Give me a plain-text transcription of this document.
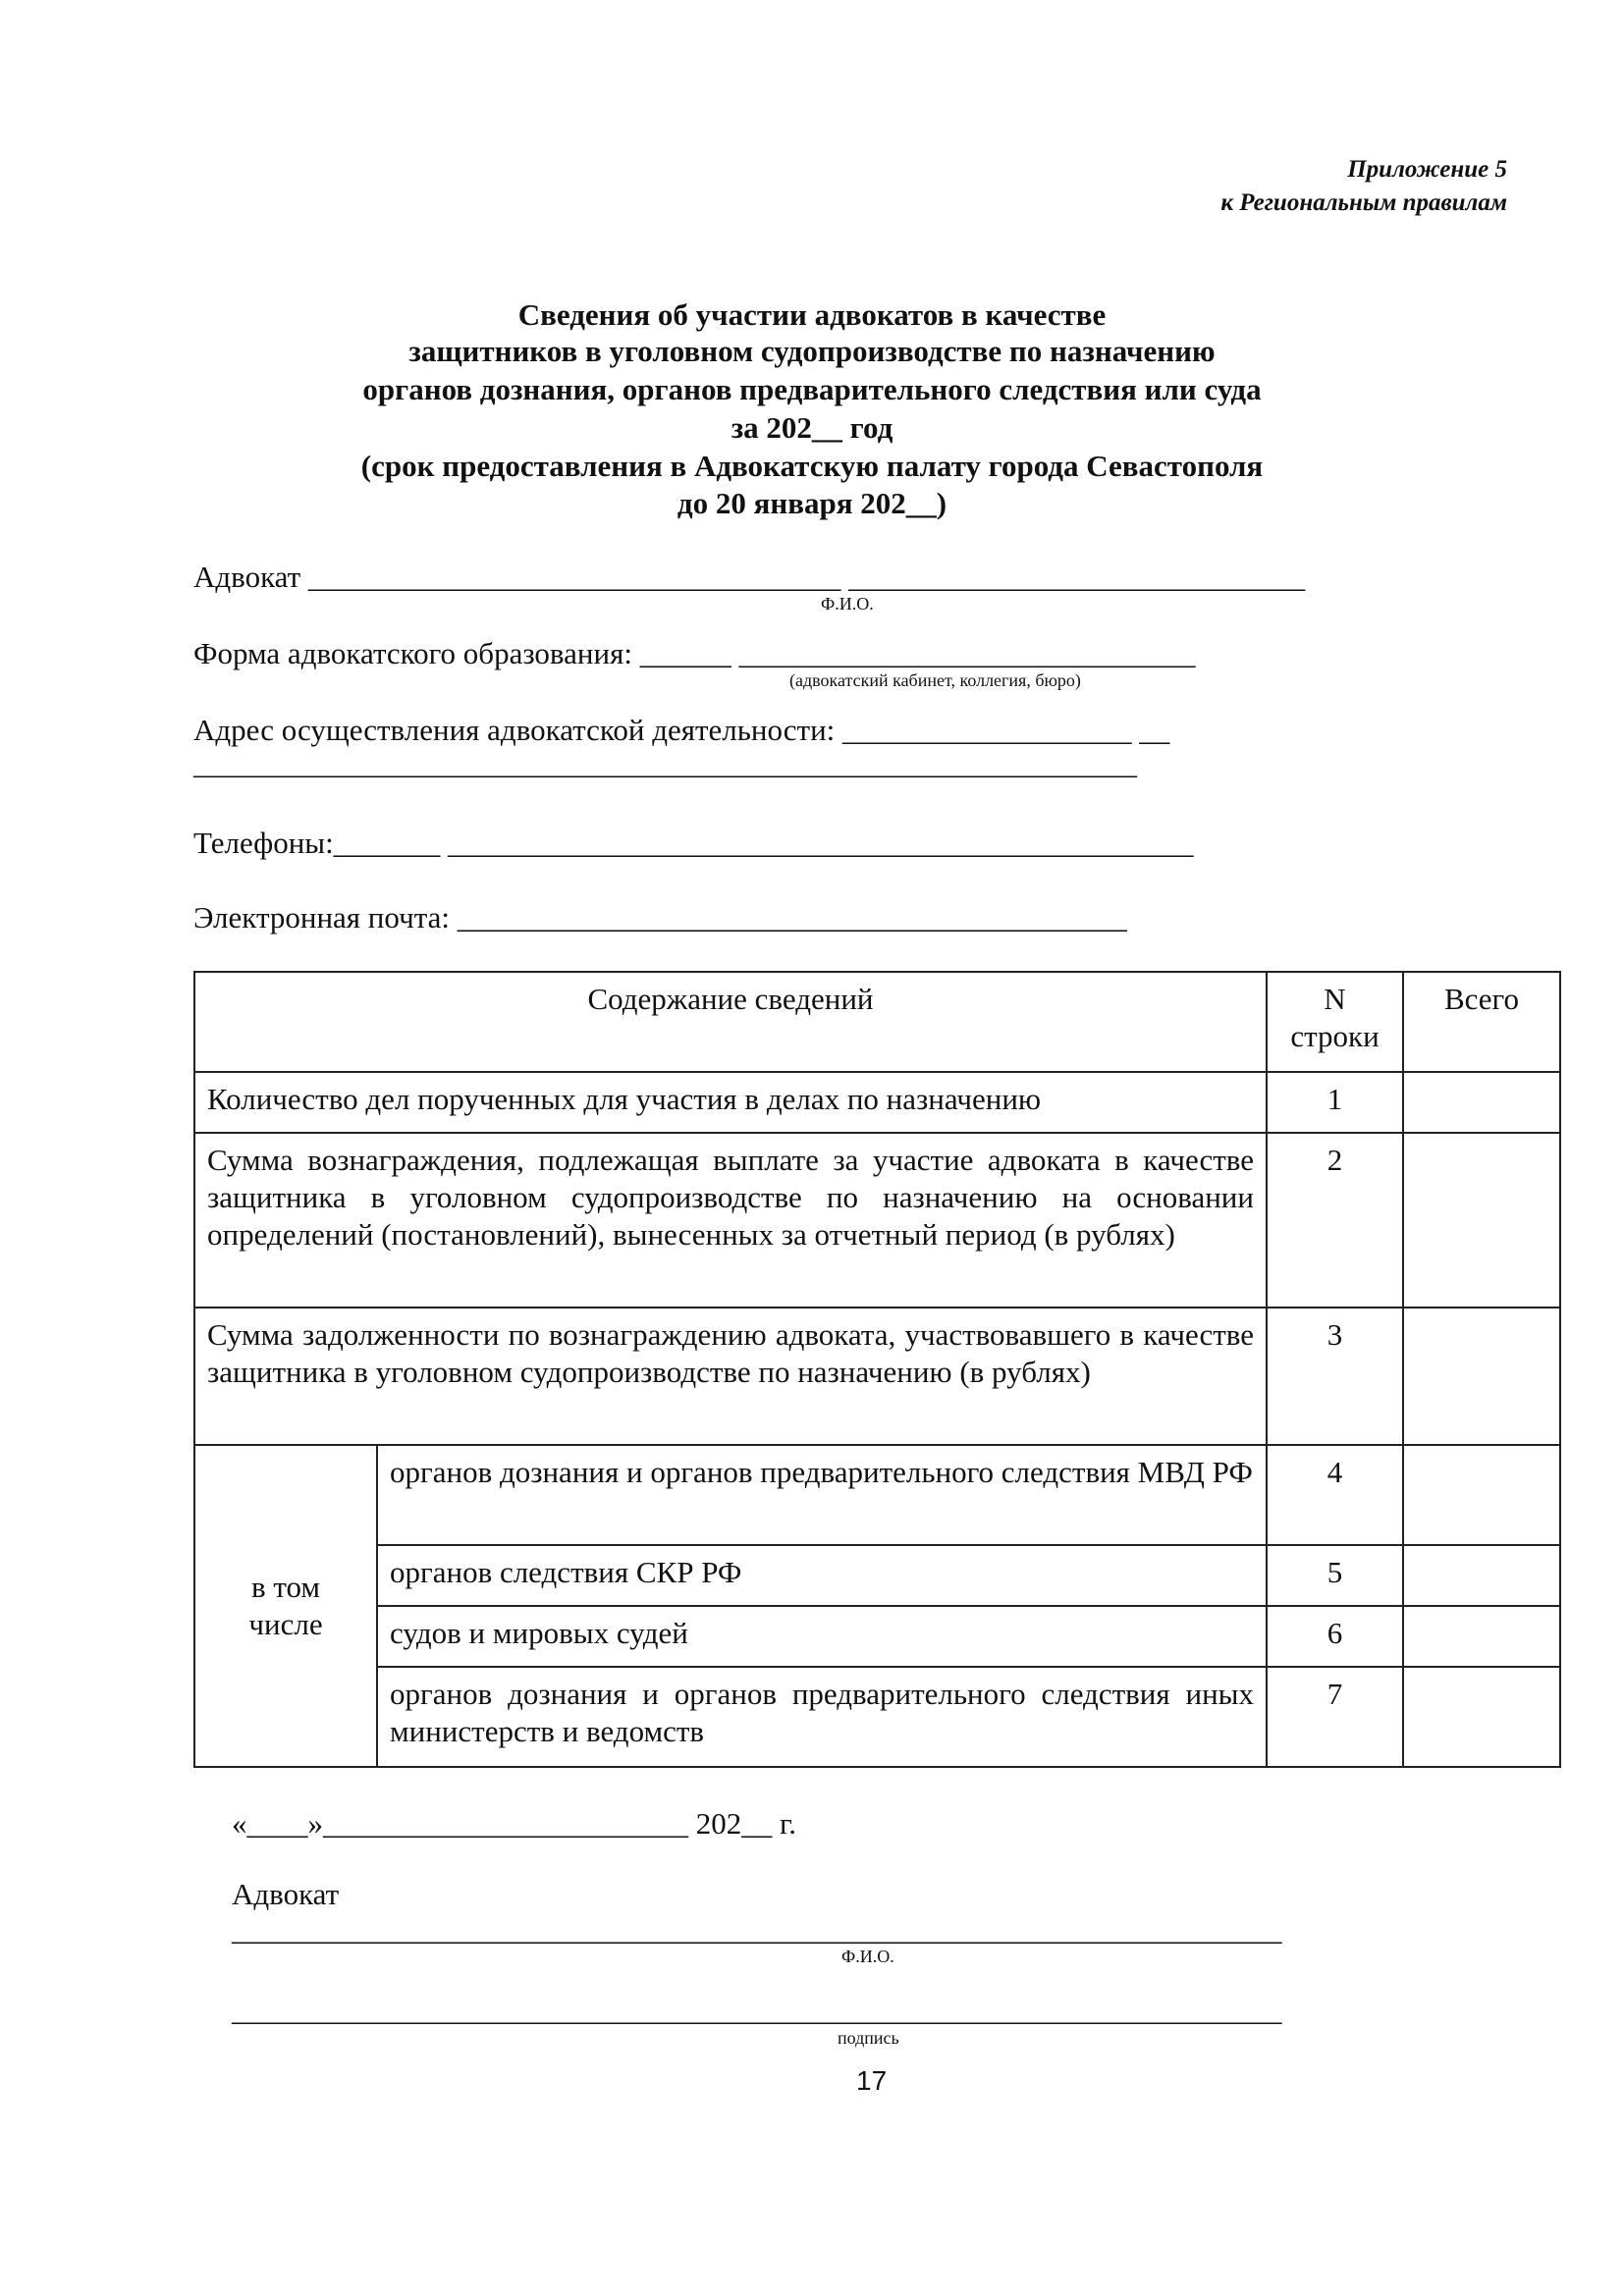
Приложение 5
к Региональным правилам
Сведения об участии адвокатов в качестве
защитников в уголовном судопроизводстве по назначению
органов дознания, органов предварительного следствия или суда
за 202__ год
(срок предоставления в Адвокатскую палату города Севастополя
до 20 января 202__)
Адвокат ___________________________________ ______________________________
Ф.И.О.
Форма адвокатского образования: ______ ______________________________
(адвокатский кабинет, коллегия, бюро)
Адрес осуществления адвокатской деятельности: ___________________ __
______________________________________________________________
Телефоны:_______ _________________________________________________
Электронная почта: ____________________________________________
Содержание сведений		N строки	Всего
Количество дел порученных для участия в делах по назначению		1	
Сумма вознаграждения, подлежащая выплате за участие адвоката в качестве защитника в уголовном судопроизводстве по назначению на основании определений (постановлений), вынесенных за отчетный период (в рублях)		2	
Сумма задолженности по вознаграждению адвоката, участвовавшего в качестве защитника в уголовном судопроизводстве по назначению (в рублях)		3	
в том числе	органов дознания и органов предварительного следствия МВД РФ	4	
	органов следствия СКР РФ	5	
	судов и мировых судей	6	
	органов дознания и органов предварительного следствия иных министерств и ведомств	7	
«____»________________________ 202__ г.
Адвокат
_____________________________________________________________________
Ф.И.О.
_____________________________________________________________________
подпись
17
